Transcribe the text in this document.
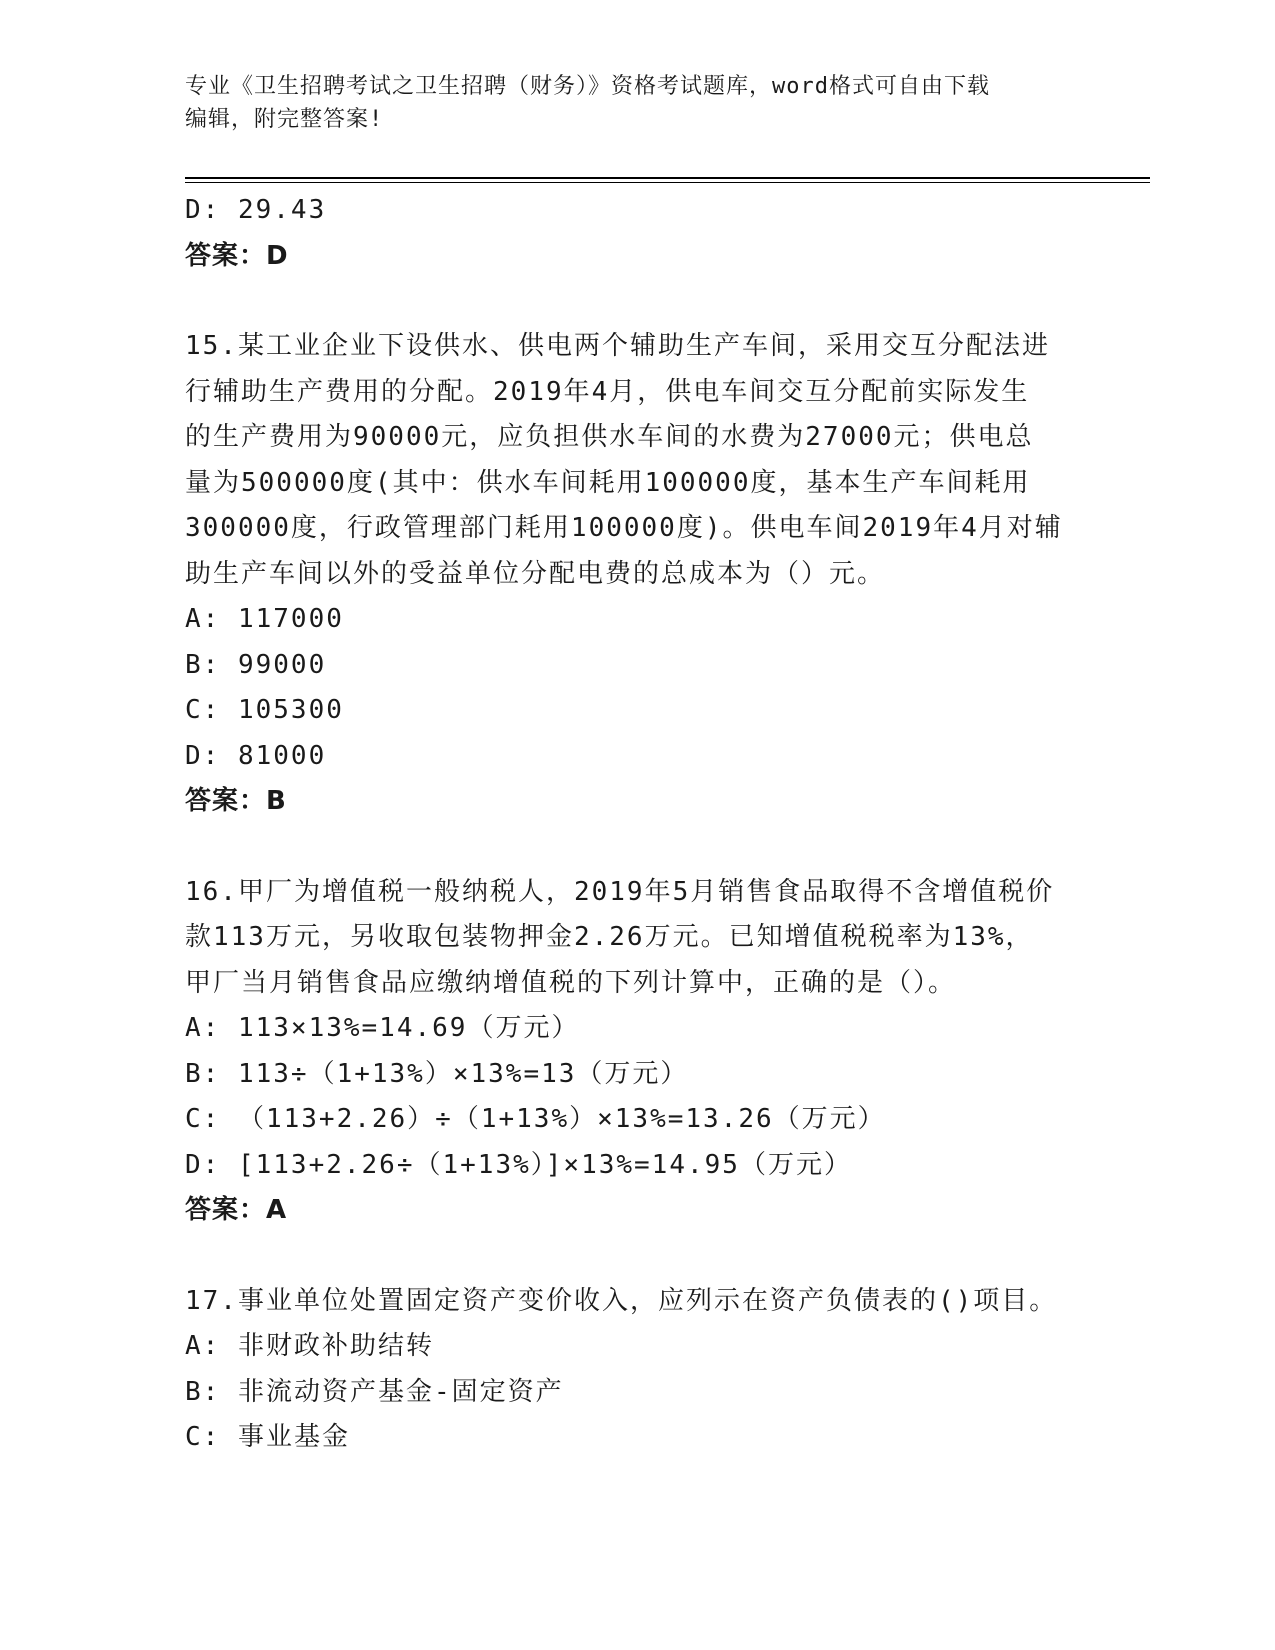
专业《卫生招聘考试之卫生招聘（财务）》资格考试题库，word格式可自由下载
编辑，附完整答案!
D: 29.43
答案：D
15.某工业企业下设供水、供电两个辅助生产车间，采用交互分配法进
行辅助生产费用的分配。2019年4月，供电车间交互分配前实际发生
的生产费用为90000元，应负担供水车间的水费为27000元；供电总
量为500000度(其中：供水车间耗用100000度，基本生产车间耗用
300000度，行政管理部门耗用100000度)。供电车间2019年4月对辅
助生产车间以外的受益单位分配电费的总成本为（）元。
A: 117000
B: 99000
C: 105300
D: 81000
答案：B
16.甲厂为增值税一般纳税人，2019年5月销售食品取得不含增值税价
款113万元，另收取包装物押金2.26万元。已知增值税税率为13%，
甲厂当月销售食品应缴纳增值税的下列计算中，正确的是（）。
A: 113×13%=14.69（万元）
B: 113÷（1+13%）×13%=13（万元）
C: （113+2.26）÷（1+13%）×13%=13.26（万元）
D: [113+2.26÷（1+13%）]×13%=14.95（万元）
答案：A
17.事业单位处置固定资产变价收入，应列示在资产负债表的()项目。
A: 非财政补助结转
B: 非流动资产基金-固定资产
C: 事业基金
